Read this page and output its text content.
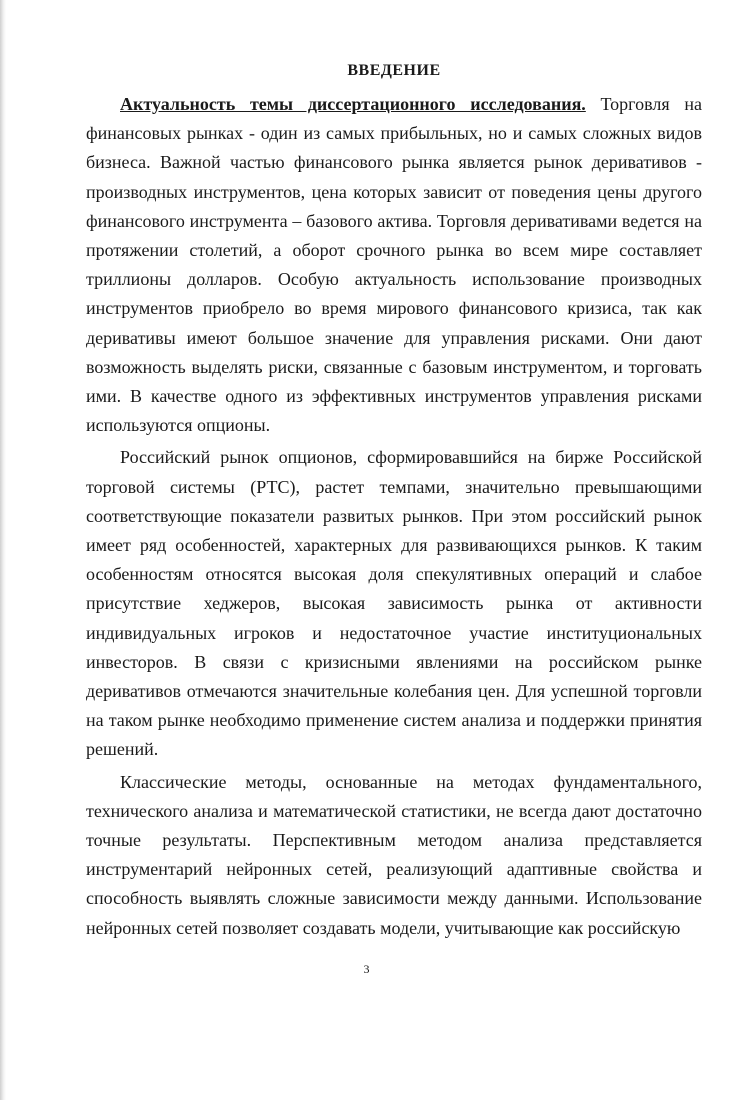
ВВЕДЕНИЕ

Актуальность темы диссертационного исследования. Торговля на финансовых рынках - один из самых прибыльных, но и самых сложных видов бизнеса. Важной частью финансового рынка является рынок деривативов - производных инструментов, цена которых зависит от поведения цены другого финансового инструмента – базового актива. Торговля деривативами ведется на протяжении столетий, а оборот срочного рынка во всем мире составляет триллионы долларов. Особую актуальность использование производных инструментов приобрело во время мирового финансового кризиса, так как деривативы имеют большое значение для управления рисками. Они дают возможность выделять риски, связанные с базовым инструментом, и торговать ими. В качестве одного из эффективных инструментов управления рисками используются опционы.

Российский рынок опционов, сформировавшийся на бирже Российской торговой системы (РТС), растет темпами, значительно превышающими соответствующие показатели развитых рынков. При этом российский рынок имеет ряд особенностей, характерных для развивающихся рынков. К таким особенностям относятся высокая доля спекулятивных операций и слабое присутствие хеджеров, высокая зависимость рынка от активности индивидуальных игроков и недостаточное участие институциональных инвесторов. В связи с кризисными явлениями на российском рынке деривативов отмечаются значительные колебания цен. Для успешной торговли на таком рынке необходимо применение систем анализа и поддержки принятия решений.

Классические методы, основанные на методах фундаментального, технического анализа и математической статистики, не всегда дают достаточно точные результаты. Перспективным методом анализа представляется инструментарий нейронных сетей, реализующий адаптивные свойства и способность выявлять сложные зависимости между данными. Использование нейронных сетей позволяет создавать модели, учитывающие как российскую

3
